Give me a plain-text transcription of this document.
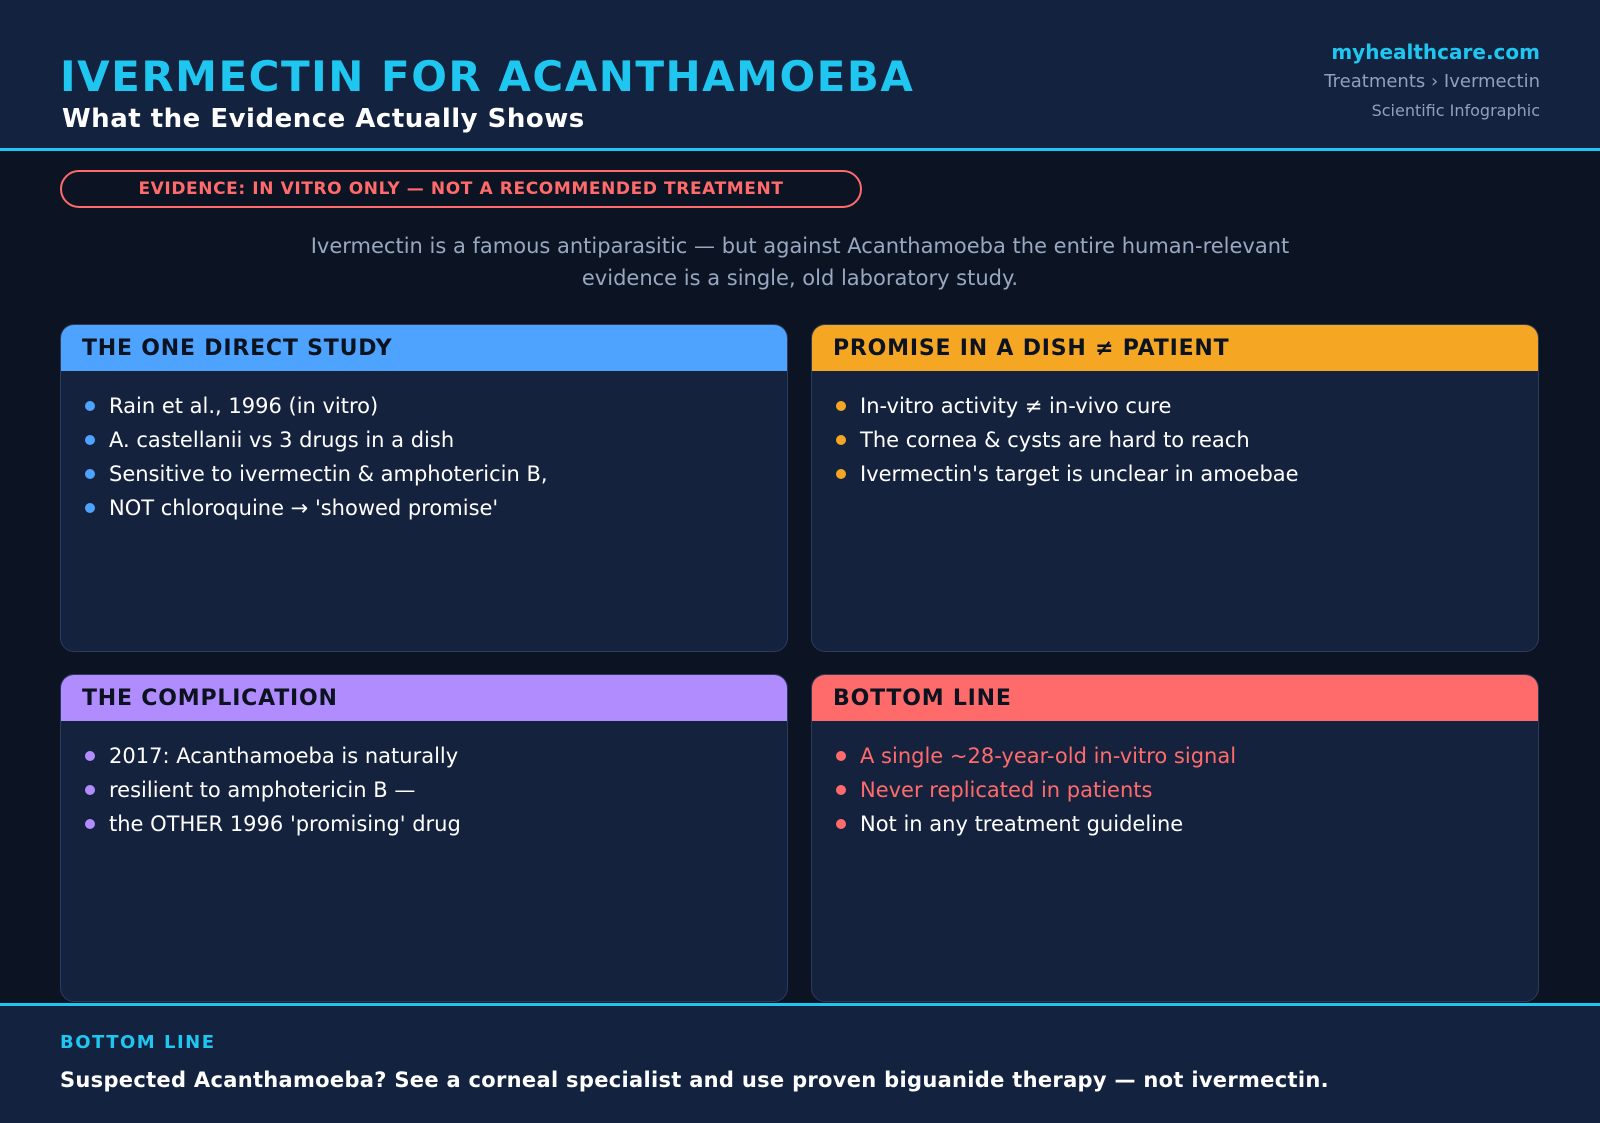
IVERMECTIN FOR ACANTHAMOEBA
What the Evidence Actually Shows
myhealthcare.com
Treatments › Ivermectin
Scientific Infographic
EVIDENCE: IN VITRO ONLY — NOT A RECOMMENDED TREATMENT
Ivermectin is a famous antiparasitic — but against Acanthamoeba the entire human-relevant evidence is a single, old laboratory study.
THE ONE DIRECT STUDY
Rain et al., 1996 (in vitro)
A. castellanii vs 3 drugs in a dish
Sensitive to ivermectin & amphotericin B,
NOT chloroquine → 'showed promise'
PROMISE IN A DISH ≠ PATIENT
In-vitro activity ≠ in-vivo cure
The cornea & cysts are hard to reach
Ivermectin's target is unclear in amoebae
THE COMPLICATION
2017: Acanthamoeba is naturally
resilient to amphotericin B —
the OTHER 1996 'promising' drug
BOTTOM LINE
A single ~28-year-old in-vitro signal
Never replicated in patients
Not in any treatment guideline
BOTTOM LINE
Suspected Acanthamoeba? See a corneal specialist and use proven biguanide therapy — not ivermectin.
